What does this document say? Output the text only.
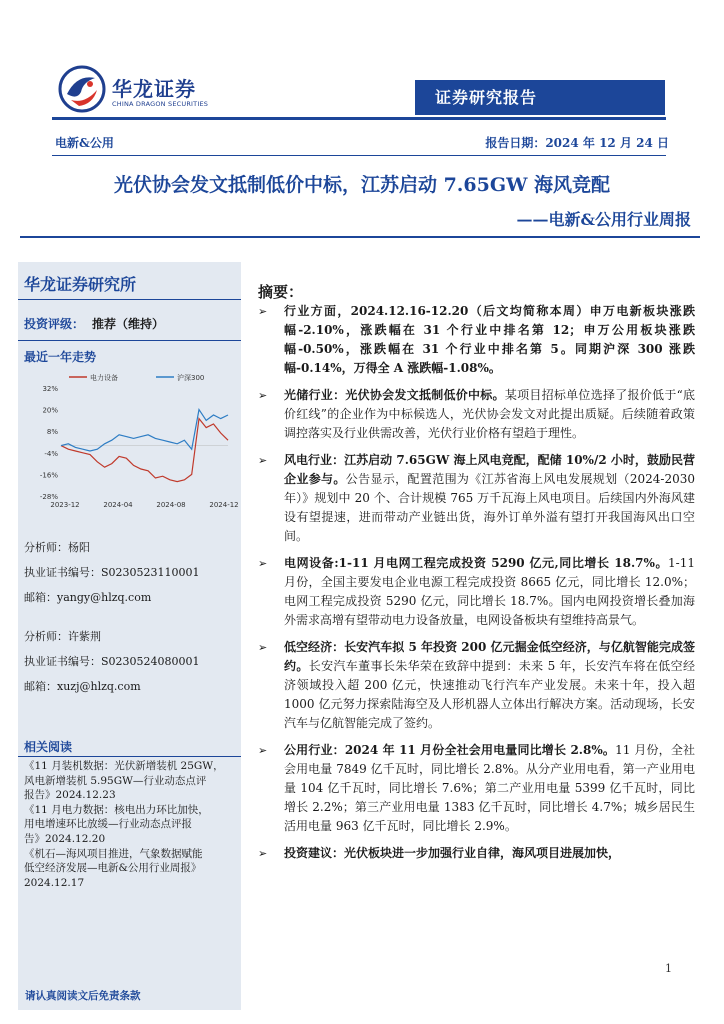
华龙证券
CHINA DRAGON SECURITIES	证券研究报告
电新&公用	报告日期：2024 年 12 月 24 日
光伏协会发文抵制低价中标，江苏启动 7.65GW 海风竞配
——电新&公用行业周报
华龙证券研究所
投资评级： 推荐（维持）
最近一年走势
32%
20%
8%
-4%
-16%
-28%
2023-12	2024-04	2024-08	2024-12
电力设备	沪深300
分析师：杨阳
执业证书编号：S0230523110001
邮箱：yangy@hlzq.com
分析师：许紫荆
执业证书编号：S0230524080001
邮箱：xuzj@hlzq.com
相关阅读
《11 月装机数据：光伏新增装机 25GW，
风电新增装机 5.95GW—行业动态点评
报告》2024.12.23
《11 月电力数据：核电出力环比加快，
用电增速环比放缓—行业动态点评报
告》2024.12.20
《机石—海风项目推进，气象数据赋能
低空经济发展—电新&公用行业周报》
2024.12.17
摘要：
➢ 行业方面，2024.12.16-12.20（后文均简称本周）申万电新板块涨跌幅-2.10%，涨跌幅在 31 个行业中排名第 12；申万公用板块涨跌幅-0.50%，涨跌幅在 31 个行业中排名第 5。同期沪深 300 涨跌幅-0.14%，万得全 A 涨跌幅-1.08%。
➢ 光储行业：光伏协会发文抵制低价中标。某项目招标单位选择了报价低于“底价红线”的企业作为中标候选人，光伏协会发文对此提出质疑。后续随着政策调控落实及行业供需改善，光伏行业价格有望趋于理性。
➢ 风电行业：江苏启动 7.65GW 海上风电竞配，配储 10%/2 小时，鼓励民营企业参与。公告显示，配置范围为《江苏省海上风电发展规划（2024-2030 年）》规划中 20 个、合计规模 765 万千瓦海上风电项目。后续国内外海风建设有望提速，进而带动产业链出货，海外订单外溢有望打开我国海风出口空间。
➢ 电网设备:1-11 月电网工程完成投资 5290 亿元,同比增长 18.7%。1-11 月份，全国主要发电企业电源工程完成投资 8665 亿元，同比增长 12.0%；电网工程完成投资 5290 亿元，同比增长 18.7%。国内电网投资增长叠加海外需求高增有望带动电力设备放量，电网设备板块有望维持高景气。
➢ 低空经济：长安汽车拟 5 年投资 200 亿元掘金低空经济，与亿航智能完成签约。长安汽车董事长朱华荣在致辞中提到：未来 5 年，长安汽车将在低空经济领域投入超 200 亿元，快速推动飞行汽车产业发展。未来十年，投入超 1000 亿元努力探索陆海空及人形机器人立体出行解决方案。活动现场，长安汽车与亿航智能完成了签约。
➢ 公用行业：2024 年 11 月份全社会用电量同比增长 2.8%。11 月份，全社会用电量 7849 亿千瓦时，同比增长 2.8%。从分产业用电看，第一产业用电量 104 亿千瓦时，同比增长 7.6%；第二产业用电量 5399 亿千瓦时，同比增长 2.2%；第三产业用电量 1383 亿千瓦时，同比增长 4.7%；城乡居民生活用电量 963 亿千瓦时，同比增长 2.9%。
➢ 投资建议：光伏板块进一步加强行业自律，海风项目进展加快，
1
请认真阅读文后免责条款
